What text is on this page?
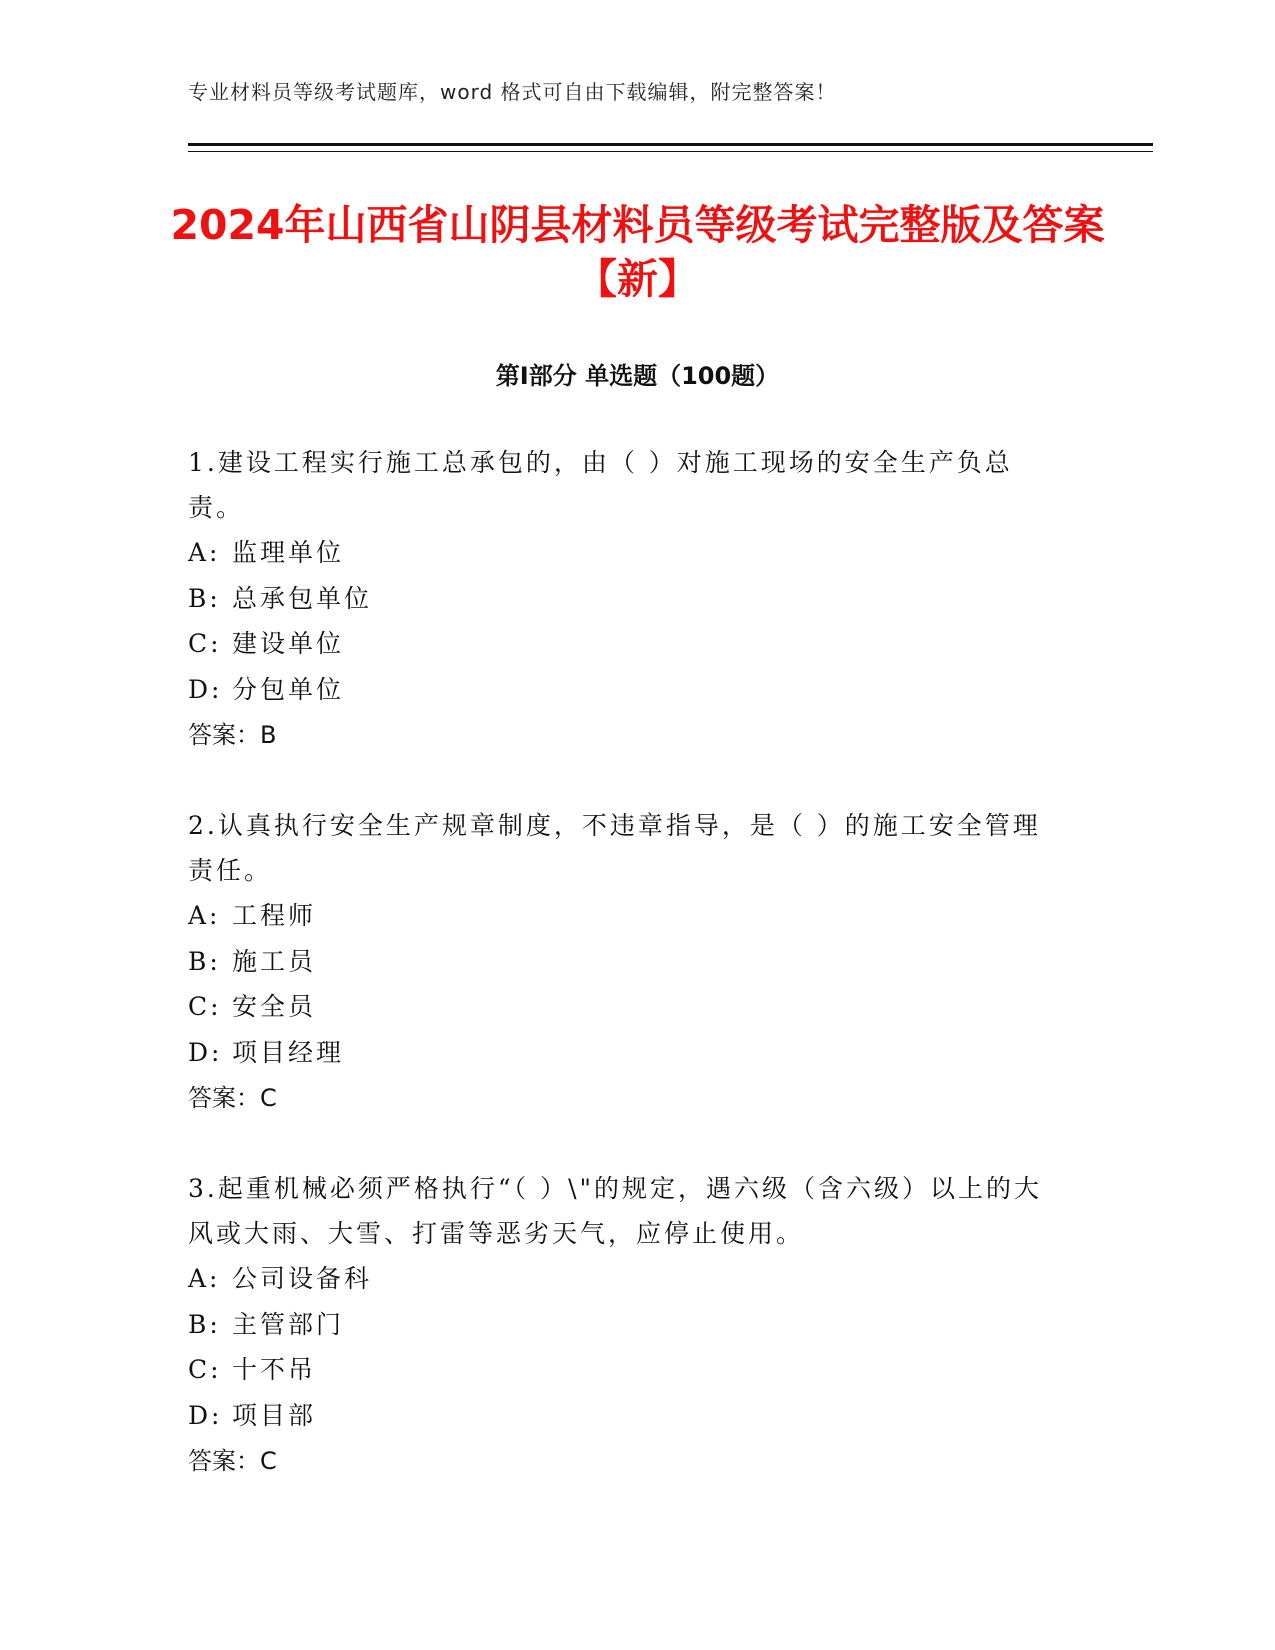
专业材料员等级考试题库，word 格式可自由下载编辑，附完整答案！
2024年山西省山阴县材料员等级考试完整版及答案【新】
第Ⅰ部分 单选题（100题）

1.建设工程实行施工总承包的，由（ ）对施工现场的安全生产负总责。

A: 监理单位

B: 总承包单位

C: 建设单位

D: 分包单位

答案：B

2.认真执行安全生产规章制度，不违章指导，是（ ）的施工安全管理责任。

A: 工程师

B: 施工员

C: 安全员

D: 项目经理

答案：C

3.起重机械必须严格执行“（ ）\"的规定，遇六级（含六级）以上的大风或大雨、大雪、打雷等恶劣天气，应停止使用。

A: 公司设备科

B: 主管部门

C: 十不吊

D: 项目部

答案：C
